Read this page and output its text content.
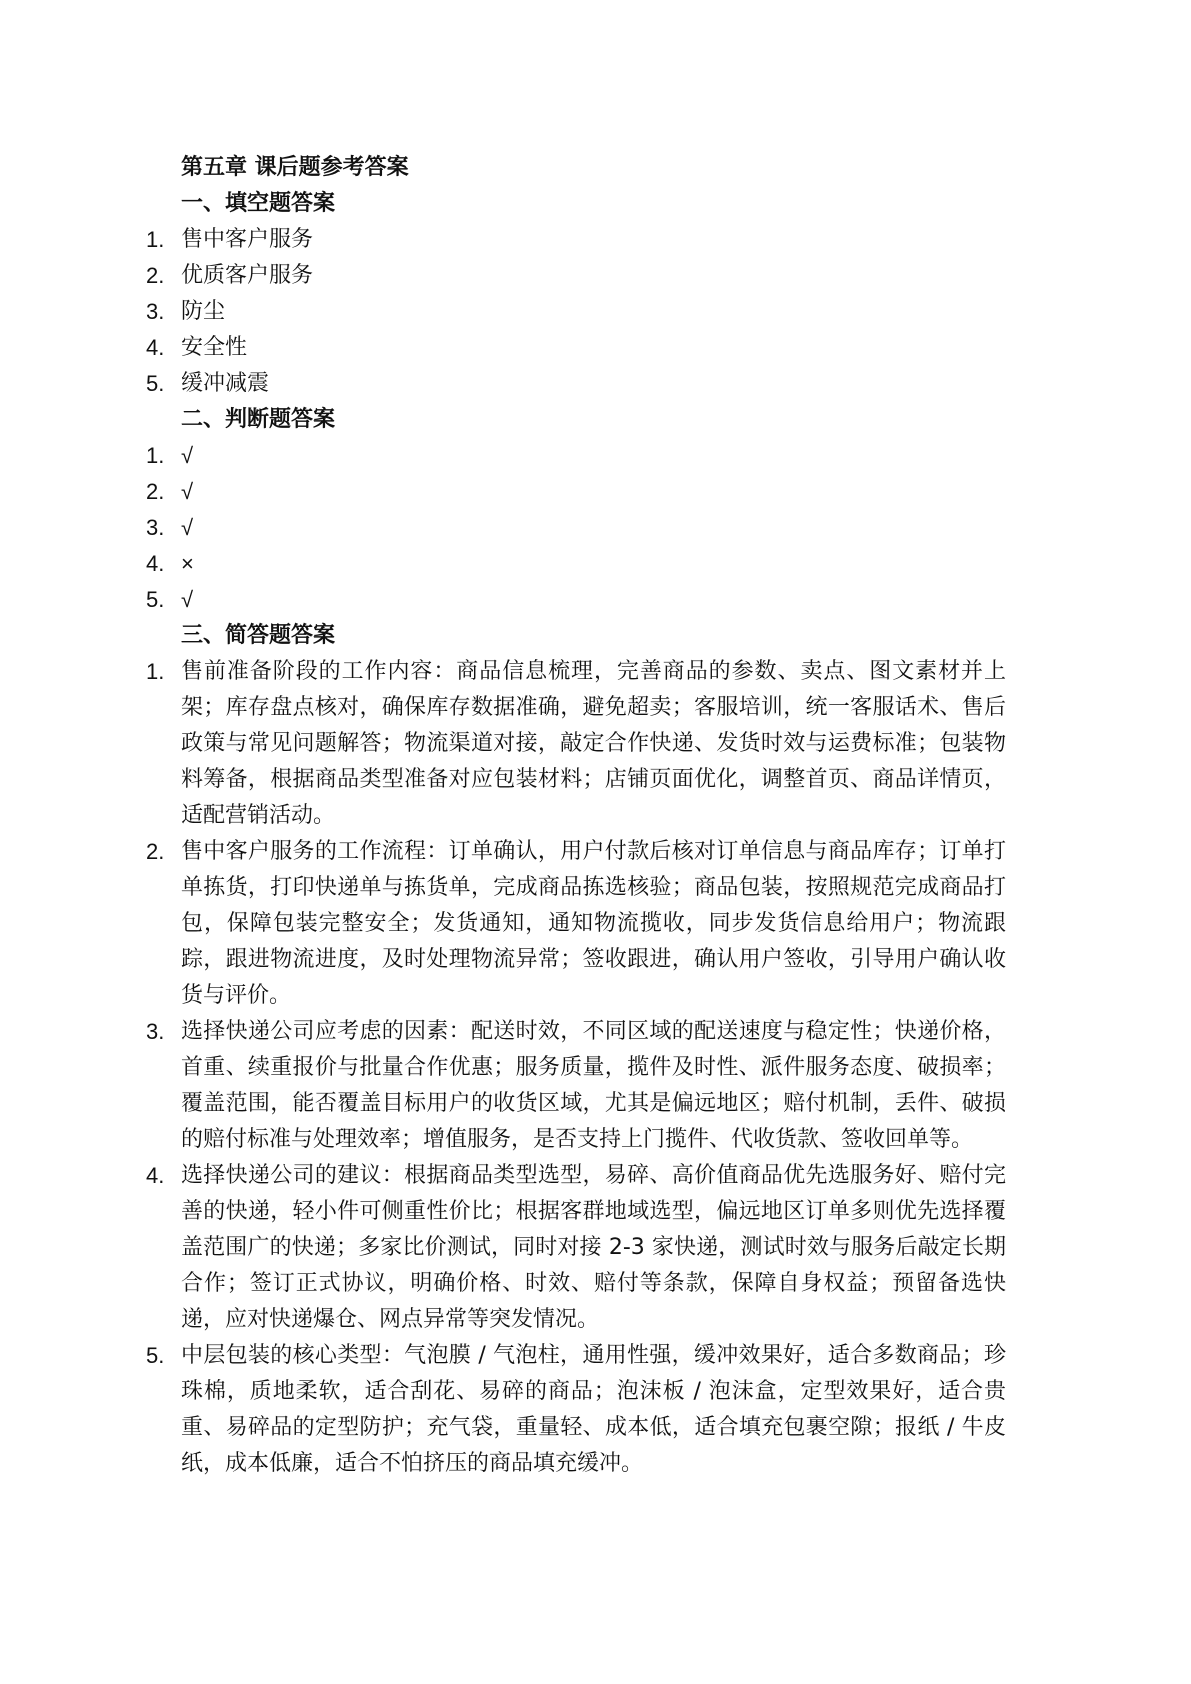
第五章 课后题参考答案
一、填空题答案
1. 售中客户服务
2. 优质客户服务
3. 防尘
4. 安全性
5. 缓冲减震
二、判断题答案
1. √
2. √
3. √
4. ×
5. √
三、简答题答案
1. 售前准备阶段的工作内容：商品信息梳理，完善商品的参数、卖点、图文素材并上架；库存盘点核对，确保库存数据准确，避免超卖；客服培训，统一客服话术、售后政策与常见问题解答；物流渠道对接，敲定合作快递、发货时效与运费标准；包装物料筹备，根据商品类型准备对应包装材料；店铺页面优化，调整首页、商品详情页，适配营销活动。
2. 售中客户服务的工作流程：订单确认，用户付款后核对订单信息与商品库存；订单打单拣货，打印快递单与拣货单，完成商品拣选核验；商品包装，按照规范完成商品打包，保障包装完整安全；发货通知，通知物流揽收，同步发货信息给用户；物流跟踪，跟进物流进度，及时处理物流异常；签收跟进，确认用户签收，引导用户确认收货与评价。
3. 选择快递公司应考虑的因素：配送时效，不同区域的配送速度与稳定性；快递价格，首重、续重报价与批量合作优惠；服务质量，揽件及时性、派件服务态度、破损率；覆盖范围，能否覆盖目标用户的收货区域，尤其是偏远地区；赔付机制，丢件、破损的赔付标准与处理效率；增值服务，是否支持上门揽件、代收货款、签收回单等。
4. 选择快递公司的建议：根据商品类型选型，易碎、高价值商品优先选服务好、赔付完善的快递，轻小件可侧重性价比；根据客群地域选型，偏远地区订单多则优先选择覆盖范围广的快递；多家比价测试，同时对接 2-3 家快递，测试时效与服务后敲定长期合作；签订正式协议，明确价格、时效、赔付等条款，保障自身权益；预留备选快递，应对快递爆仓、网点异常等突发情况。
5. 中层包装的核心类型：气泡膜 / 气泡柱，通用性强，缓冲效果好，适合多数商品；珍珠棉，质地柔软，适合刮花、易碎的商品；泡沫板 / 泡沫盒，定型效果好，适合贵重、易碎品的定型防护；充气袋，重量轻、成本低，适合填充包裹空隙；报纸 / 牛皮纸，成本低廉，适合不怕挤压的商品填充缓冲。
